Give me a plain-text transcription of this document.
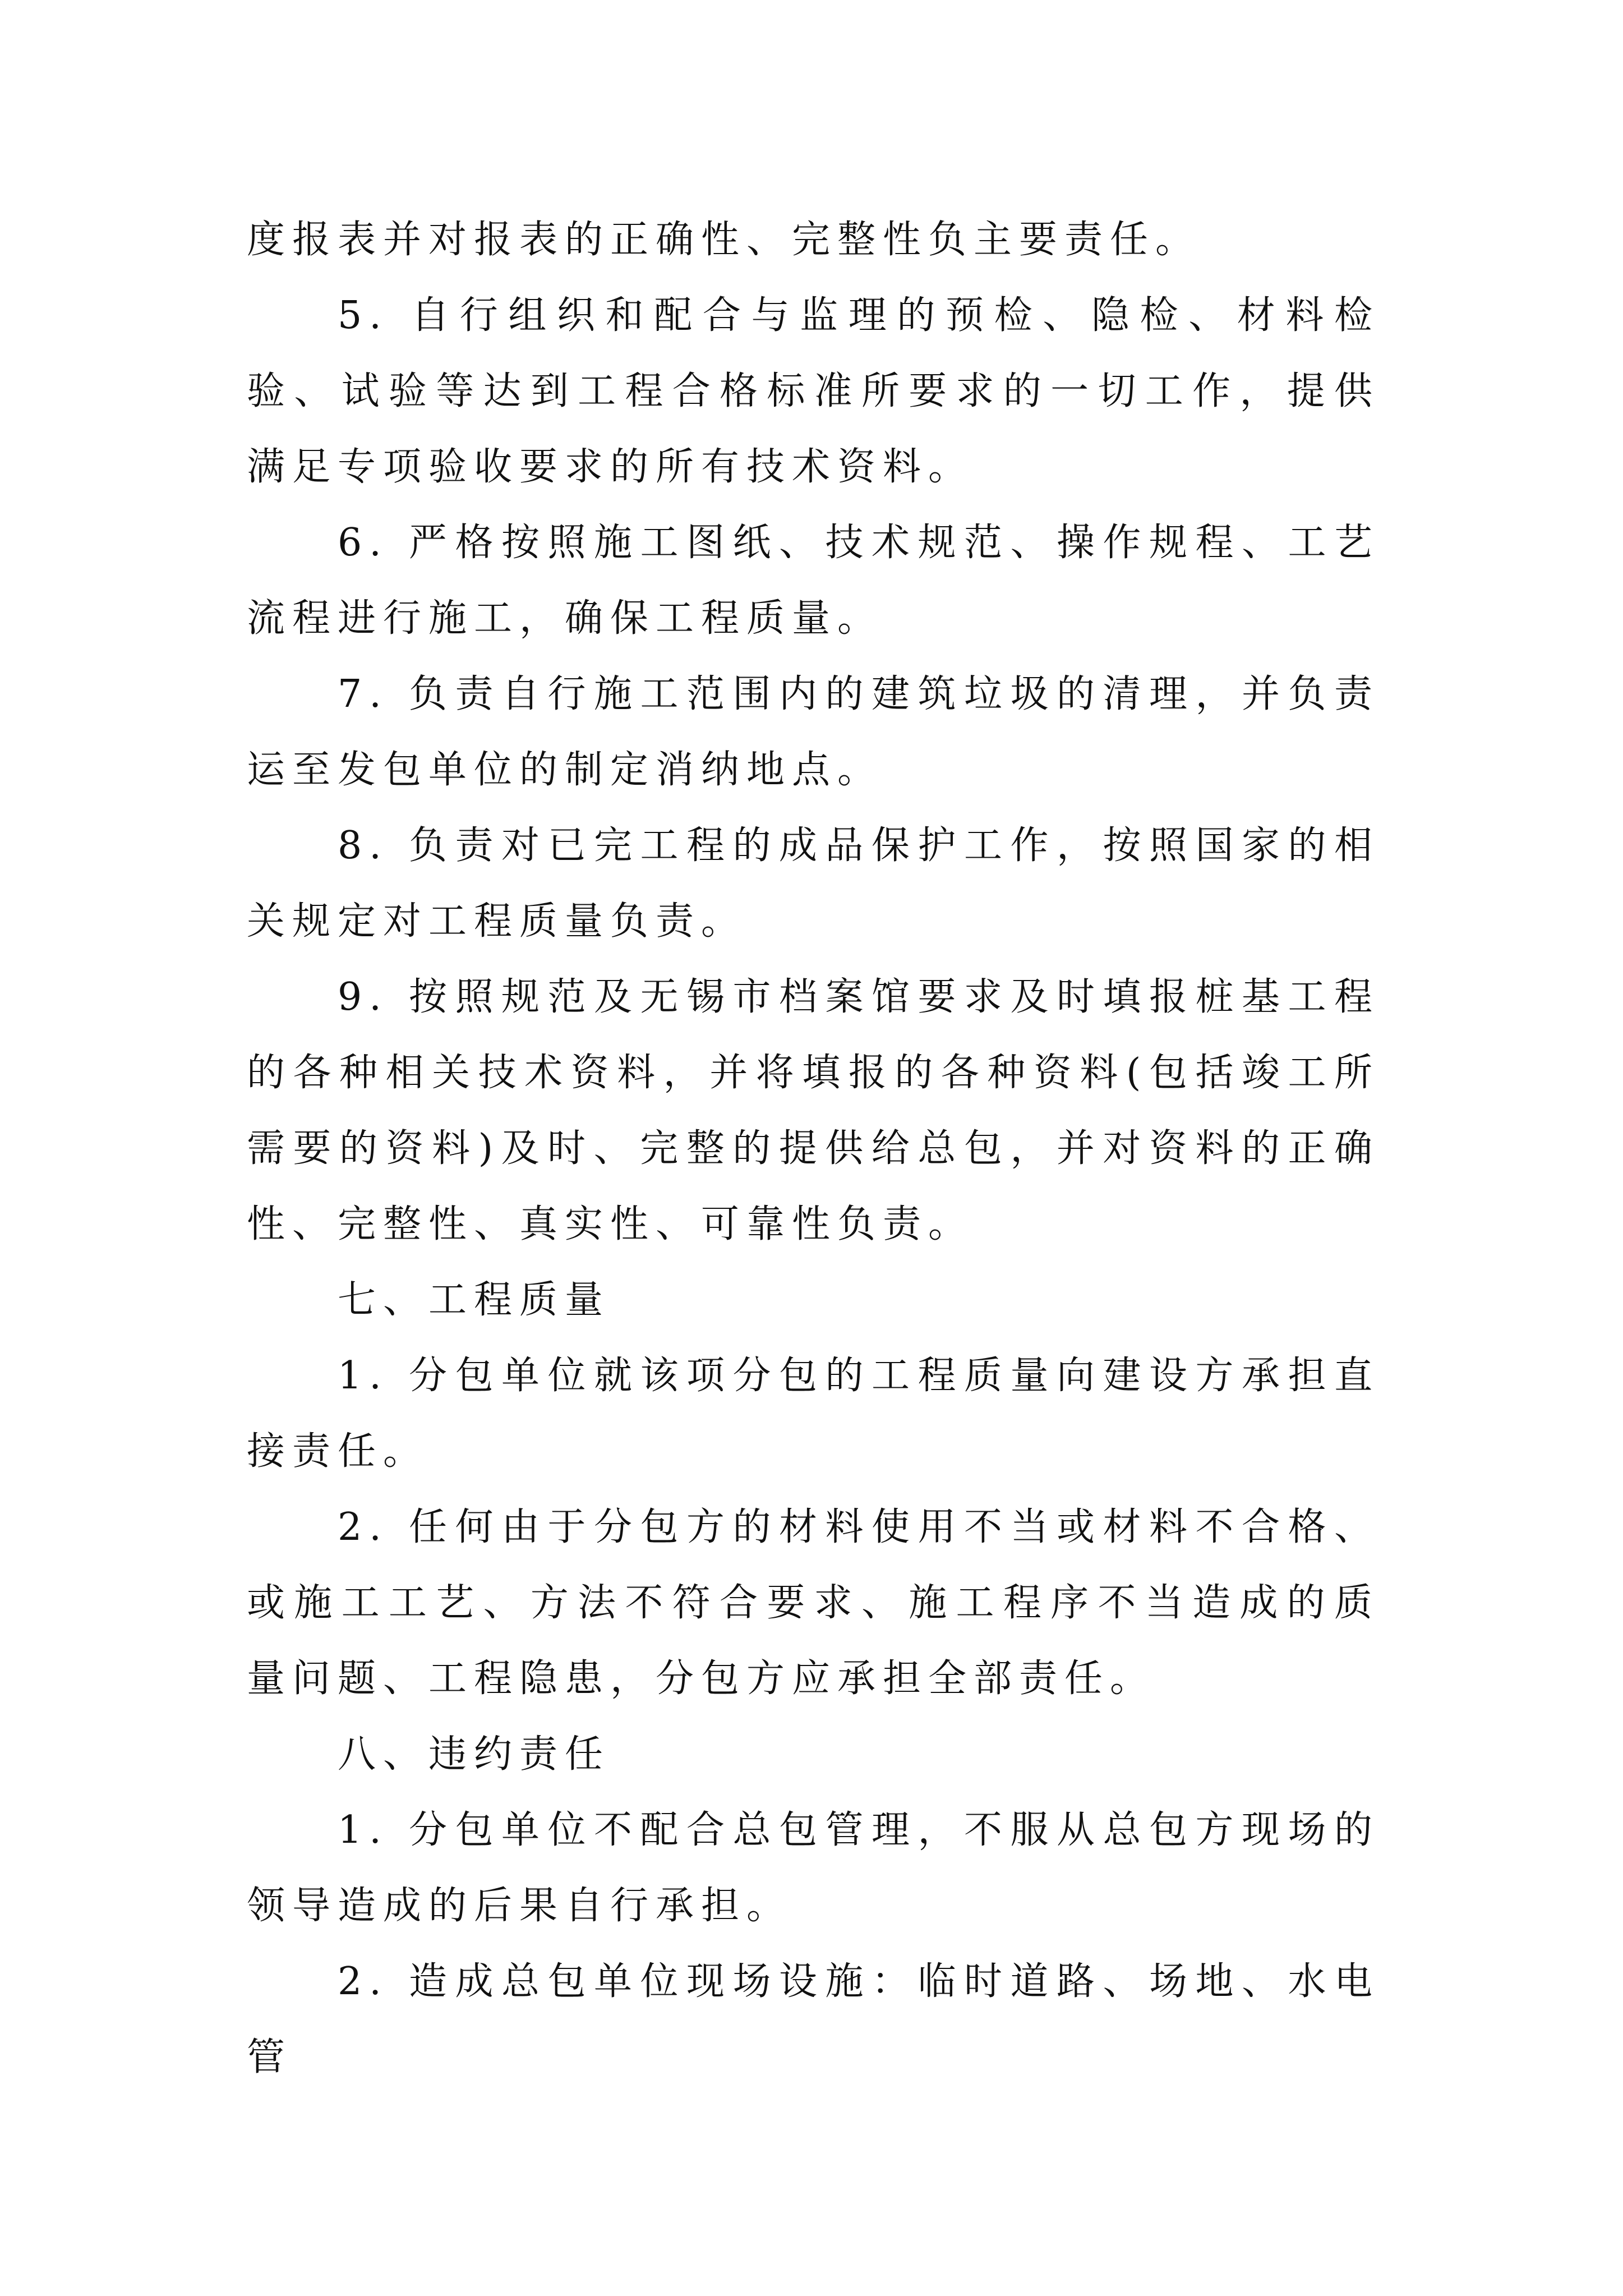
度报表并对报表的正确性、完整性负主要责任。

5. 自行组织和配合与监理的预检、隐检、材料检验、试验等达到工程合格标准所要求的一切工作，提供满足专项验收要求的所有技术资料。

6. 严格按照施工图纸、技术规范、操作规程、工艺流程进行施工，确保工程质量。

7. 负责自行施工范围内的建筑垃圾的清理，并负责运至发包单位的制定消纳地点。

8. 负责对已完工程的成品保护工作，按照国家的相关规定对工程质量负责。

9. 按照规范及无锡市档案馆要求及时填报桩基工程的各种相关技术资料，并将填报的各种资料(包括竣工所需要的资料)及时、完整的提供给总包，并对资料的正确性、完整性、真实性、可靠性负责。

七、工程质量

1. 分包单位就该项分包的工程质量向建设方承担直接责任。

2. 任何由于分包方的材料使用不当或材料不合格、或施工工艺、方法不符合要求、施工程序不当造成的质量问题、工程隐患，分包方应承担全部责任。

八、违约责任

1. 分包单位不配合总包管理，不服从总包方现场的领导造成的后果自行承担。

2. 造成总包单位现场设施：临时道路、场地、水电管
